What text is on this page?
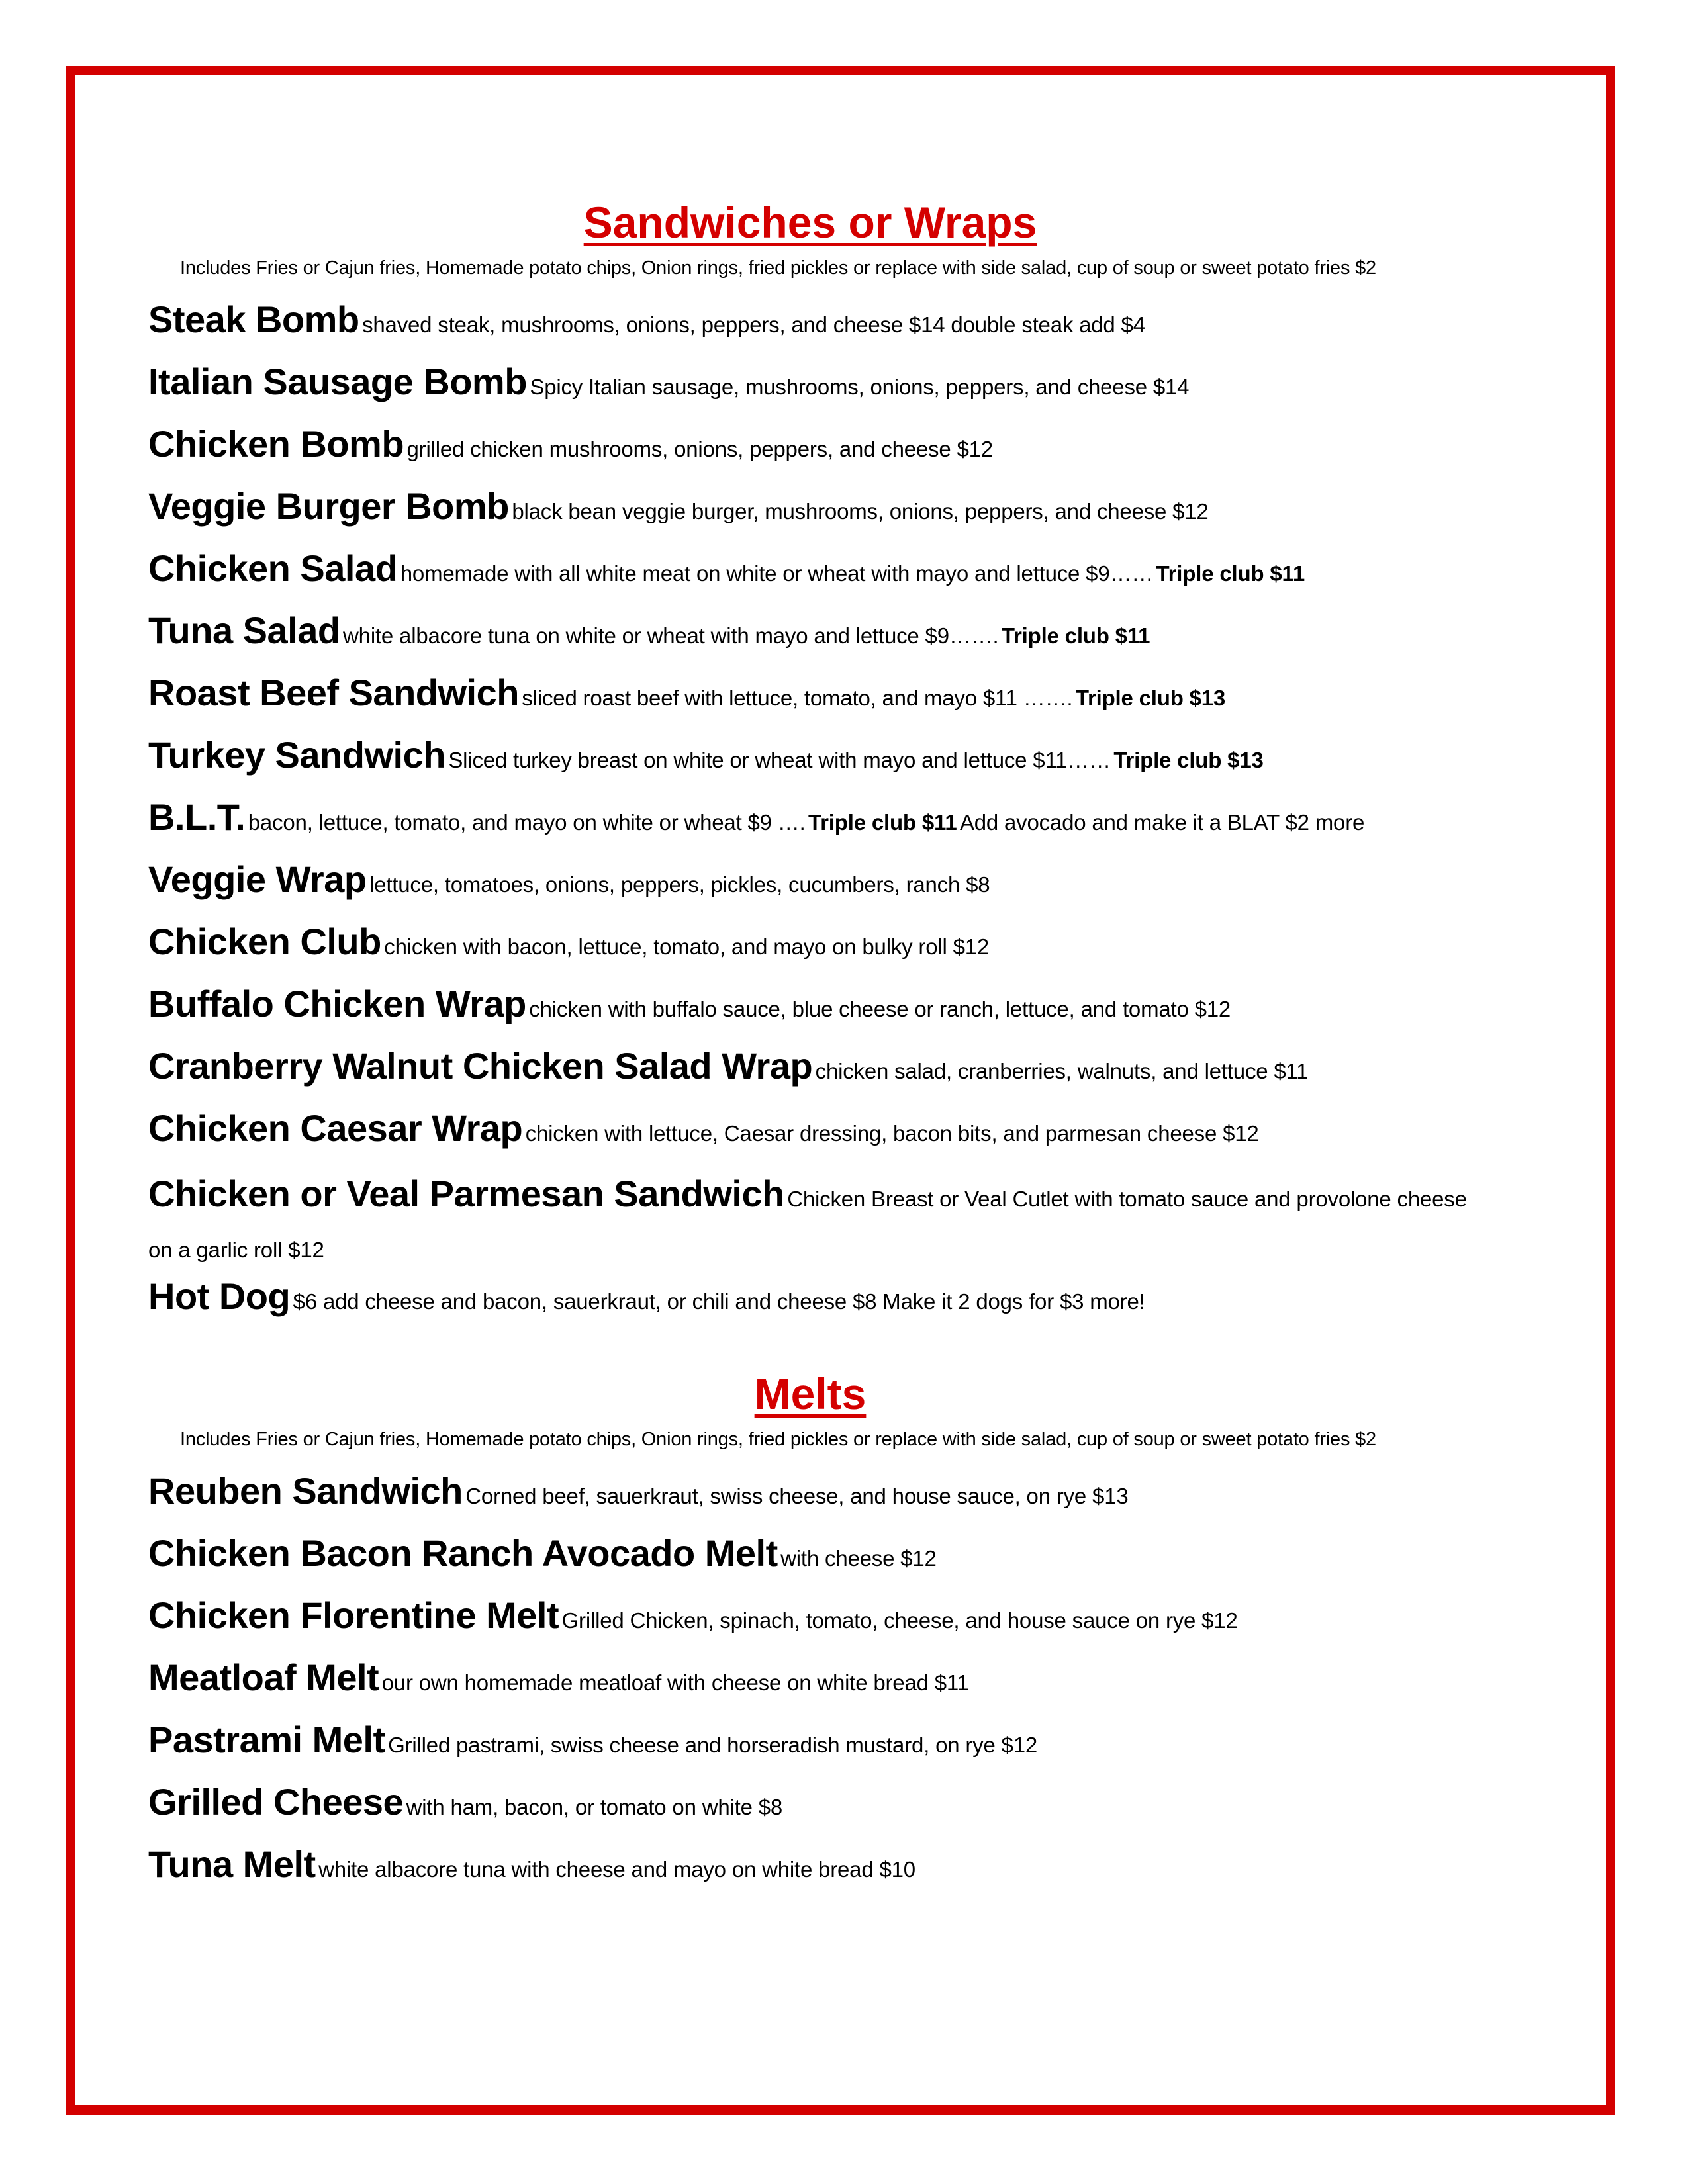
Sandwiches or Wraps
Includes Fries or Cajun fries, Homemade potato chips, Onion rings, fried pickles or replace with side salad, cup of soup or sweet potato fries $2
Steak Bomb shaved steak, mushrooms, onions, peppers, and cheese $14 double steak add $4
Italian Sausage Bomb Spicy Italian sausage, mushrooms, onions, peppers, and cheese $14
Chicken Bomb grilled chicken mushrooms, onions, peppers, and cheese $12
Veggie Burger Bomb black bean veggie burger, mushrooms, onions, peppers, and cheese $12
Chicken Salad homemade with all white meat on white or wheat with mayo and lettuce $9…… Triple club $11
Tuna Salad white albacore tuna on white or wheat with mayo and lettuce $9……. Triple club $11
Roast Beef Sandwich sliced roast beef with lettuce, tomato, and mayo $11 ……. Triple club $13
Turkey Sandwich Sliced turkey breast on white or wheat with mayo and lettuce $11…… Triple club $13
B.L.T. bacon, lettuce, tomato, and mayo on white or wheat $9 …. Triple club $11 Add avocado and make it a BLAT $2 more
Veggie Wrap lettuce, tomatoes, onions, peppers, pickles, cucumbers, ranch $8
Chicken Club chicken with bacon, lettuce, tomato, and mayo on bulky roll $12
Buffalo Chicken Wrap chicken with buffalo sauce, blue cheese or ranch, lettuce, and tomato $12
Cranberry Walnut Chicken Salad Wrap chicken salad, cranberries, walnuts, and lettuce $11
Chicken Caesar Wrap chicken with lettuce, Caesar dressing, bacon bits, and parmesan cheese $12
Chicken or Veal Parmesan Sandwich Chicken Breast or Veal Cutlet with tomato sauce and provolone cheese on a garlic roll $12
Hot Dog $6 add cheese and bacon, sauerkraut, or chili and cheese $8 Make it 2 dogs for $3 more!
Melts
Includes Fries or Cajun fries, Homemade potato chips, Onion rings, fried pickles or replace with side salad, cup of soup or sweet potato fries $2
Reuben Sandwich Corned beef, sauerkraut, swiss cheese, and house sauce, on rye $13
Chicken Bacon Ranch Avocado Melt with cheese $12
Chicken Florentine Melt Grilled Chicken, spinach, tomato, cheese, and house sauce on rye $12
Meatloaf Melt our own homemade meatloaf with cheese on white bread $11
Pastrami Melt Grilled pastrami, swiss cheese and horseradish mustard, on rye $12
Grilled Cheese with ham, bacon, or tomato on white $8
Tuna Melt white albacore tuna with cheese and mayo on white bread $10
